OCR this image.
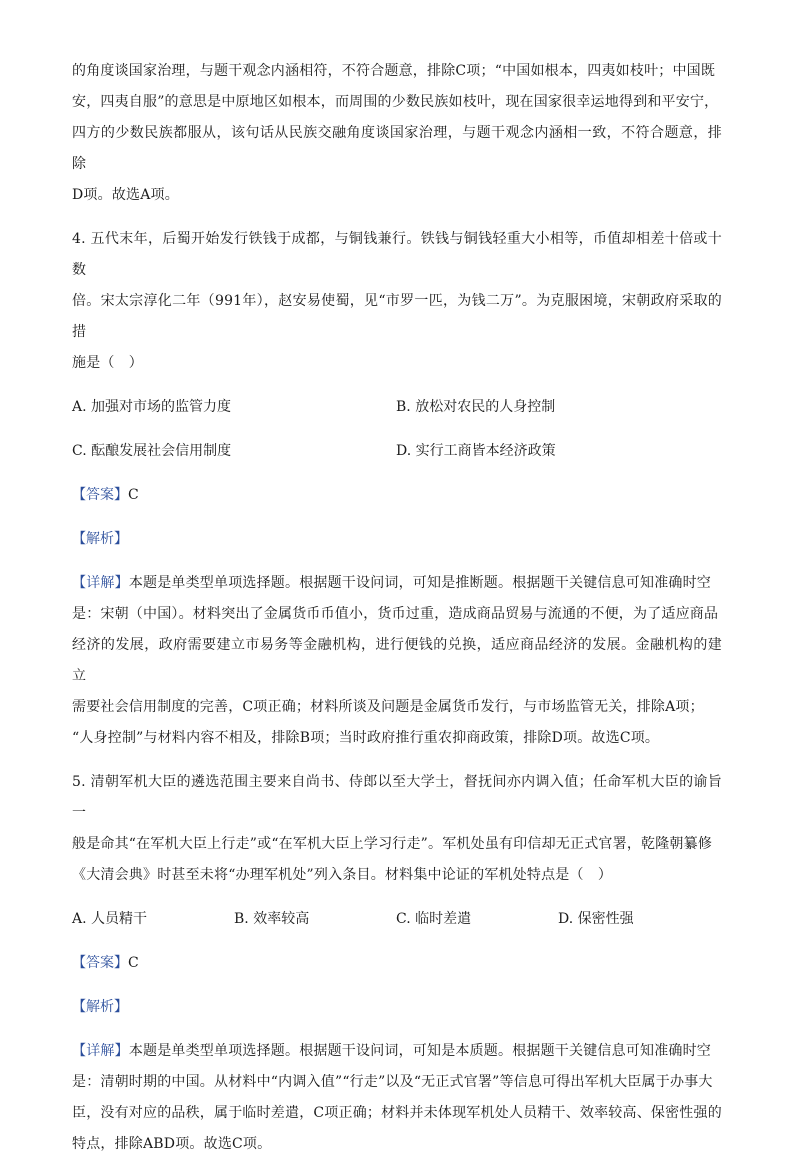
的角度谈国家治理，与题干观念内涵相符，不符合题意，排除C项；“中国如根本，四夷如枝叶；中国既

安，四夷自服”的意思是中原地区如根本，而周围的少数民族如枝叶，现在国家很幸运地得到和平安宁，

四方的少数民族都服从，该句话从民族交融角度谈国家治理，与题干观念内涵相一致，不符合题意，排除

D项。故选A项。

4. 五代末年，后蜀开始发行铁钱于成都，与铜钱兼行。铁钱与铜钱轻重大小相等，币值却相差十倍或十数

倍。宋太宗淳化二年（991年），赵安易使蜀，见“市罗一匹，为钱二万”。为克服困境，宋朝政府采取的措

施是（　）

A. 加强对市场的监管力度	B. 放松对农民的人身控制
C. 酝酿发展社会信用制度	D. 实行工商皆本经济政策

【答案】C

【解析】

【详解】本题是单类型单项选择题。根据题干设问词，可知是推断题。根据题干关键信息可知准确时空

是：宋朝（中国）。材料突出了金属货币币值小，货币过重，造成商品贸易与流通的不便，为了适应商品

经济的发展，政府需要建立市易务等金融机构，进行便钱的兑换，适应商品经济的发展。金融机构的建立

需要社会信用制度的完善，C项正确；材料所谈及问题是金属货币发行，与市场监管无关，排除A项；

“人身控制”与材料内容不相及，排除B项；当时政府推行重农抑商政策，排除D项。故选C项。

5. 清朝军机大臣的遴选范围主要来自尚书、侍郎以至大学士，督抚间亦内调入值；任命军机大臣的谕旨一

般是命其“在军机大臣上行走”或“在军机大臣上学习行走”。军机处虽有印信却无正式官署，乾隆朝纂修

《大清会典》时甚至未将“办理军机处”列入条目。材料集中论证的军机处特点是（　）

A. 人员精干	B. 效率较高	C. 临时差遣	D. 保密性强

【答案】C

【解析】

【详解】本题是单类型单项选择题。根据题干设问词，可知是本质题。根据题干关键信息可知准确时空

是：清朝时期的中国。从材料中“内调入值”“行走”以及“无正式官署”等信息可得出军机大臣属于办事大

臣，没有对应的品秩，属于临时差遣，C项正确；材料并未体现军机处人员精干、效率较高、保密性强的

特点，排除ABD项。故选C项。
